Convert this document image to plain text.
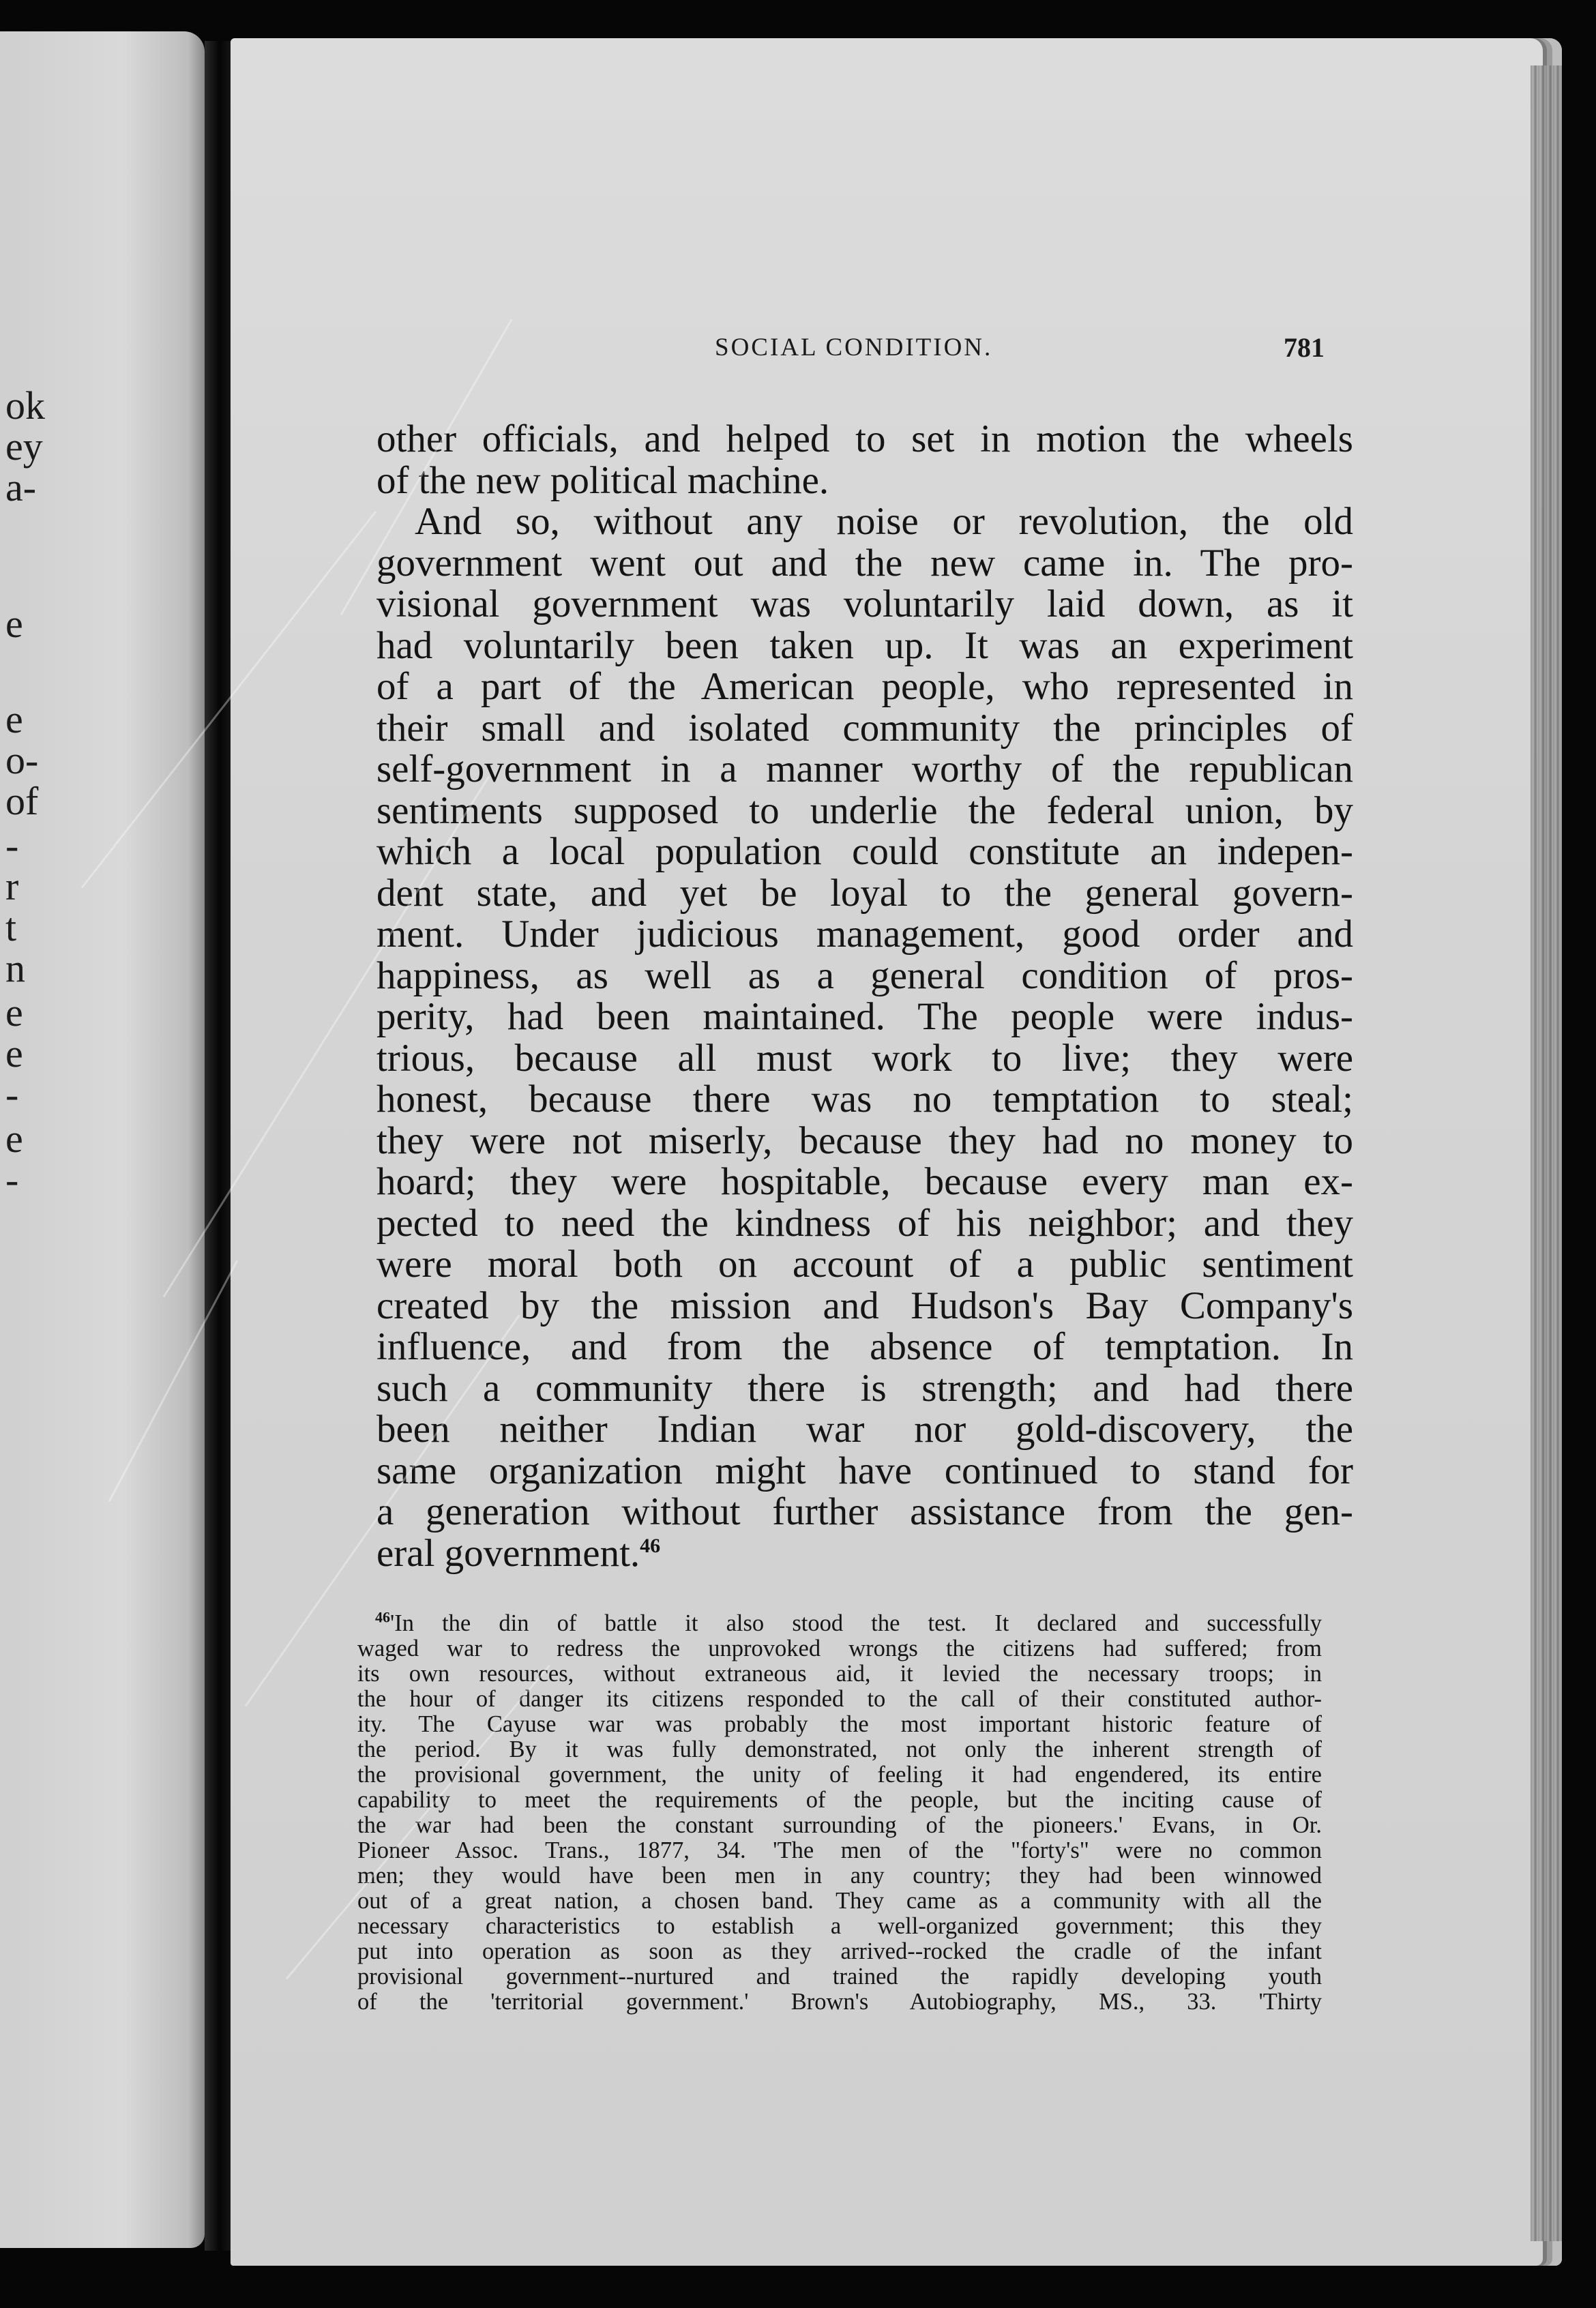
ok
ey
a-
e
e
o-
of
-
r
t
n
e
e
-
e
-
SOCIAL CONDITION.	781
other officials, and helped to set in motion the wheels
of the new political machine.
And so, without any noise or revolution, the old
government went out and the new came in. The pro-
visional government was voluntarily laid down, as it
had voluntarily been taken up. It was an experiment
of a part of the American people, who represented in
their small and isolated community the principles of
self-government in a manner worthy of the republican
sentiments supposed to underlie the federal union, by
which a local population could constitute an indepen-
dent state, and yet be loyal to the general govern-
ment. Under judicious management, good order and
happiness, as well as a general condition of pros-
perity, had been maintained. The people were indus-
trious, because all must work to live; they were
honest, because there was no temptation to steal;
they were not miserly, because they had no money to
hoard; they were hospitable, because every man ex-
pected to need the kindness of his neighbor; and they
were moral both on account of a public sentiment
created by the mission and Hudson's Bay Company's
influence, and from the absence of temptation. In
such a community there is strength; and had there
been neither Indian war nor gold-discovery, the
same organization might have continued to stand for
a generation without further assistance from the gen-
eral government.$^{46}$
$^{46}$'In the din of battle it also stood the test. It declared and successfully
waged war to redress the unprovoked wrongs the citizens had suffered; from
its own resources, without extraneous aid, it levied the necessary troops; in
the hour of danger its citizens responded to the call of their constituted author-
ity. The Cayuse war was probably the most important historic feature of
the period. By it was fully demonstrated, not only the inherent strength of
the provisional government, the unity of feeling it had engendered, its entire
capability to meet the requirements of the people, but the inciting cause of
the war had been the constant surrounding of the pioneers.' Evans, in Or.
Pioneer Assoc. Trans., 1877, 34. 'The men of the "forty's" were no common
men; they would have been men in any country; they had been winnowed
out of a great nation, a chosen band. They came as a community with all the
necessary characteristics to establish a well-organized government; this they
put into operation as soon as they arrived--rocked the cradle of the infant
provisional government--nurtured and trained the rapidly developing youth
of the 'territorial government.' Brown's Autobiography, MS., 33. 'Thirty
